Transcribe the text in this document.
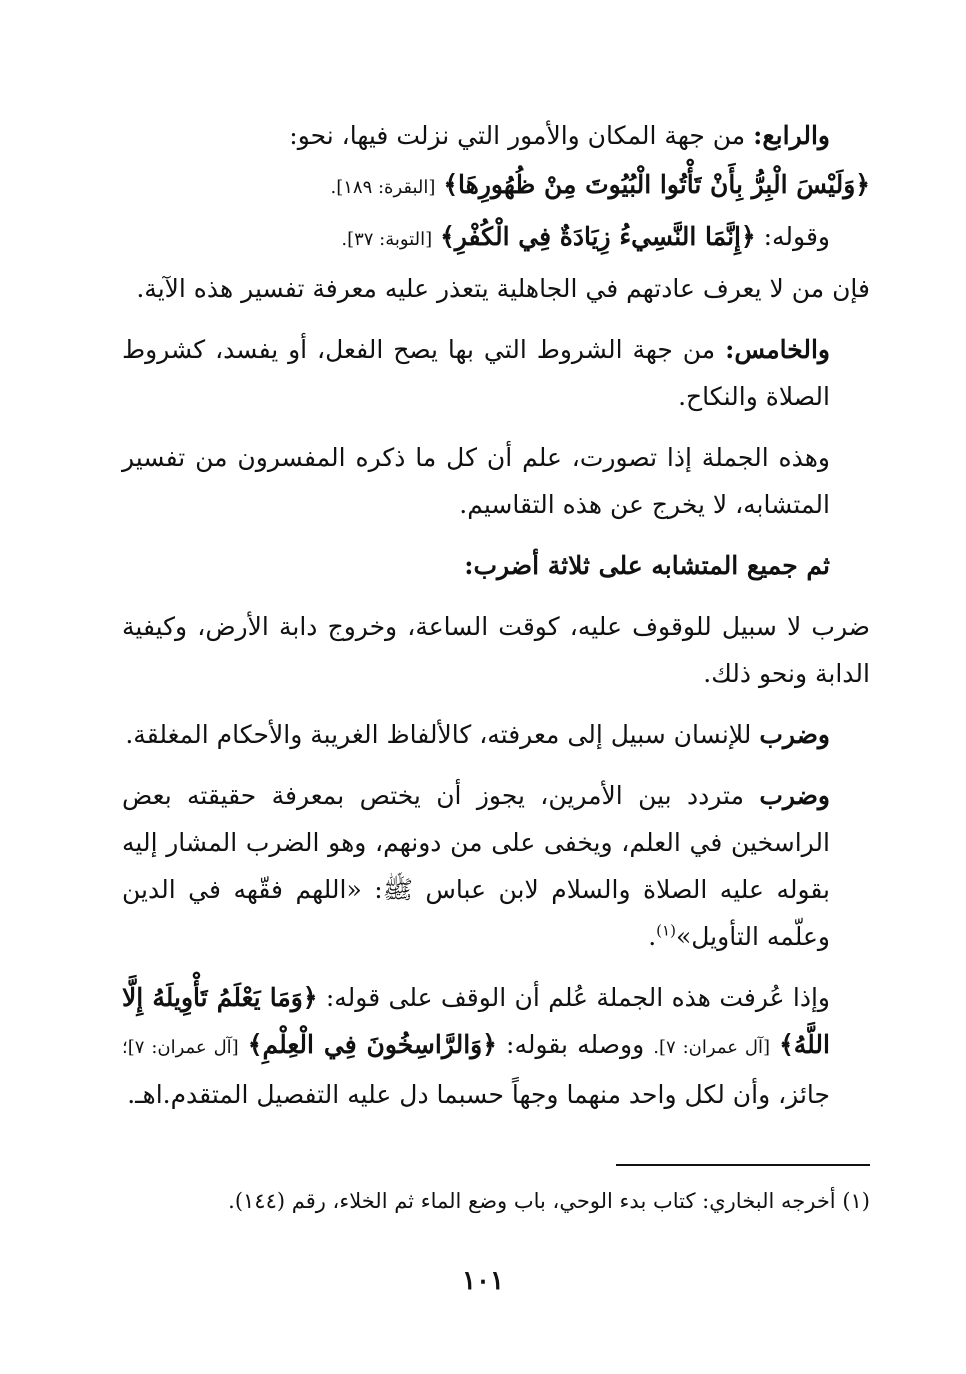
والرابع: من جهة المكان والأمور التي نزلت فيها، نحو:

﴿وَلَيْسَ الْبِرُّ بِأَنْ تَأْتُوا الْبُيُوتَ مِنْ ظُهُورِهَا﴾ [البقرة: ١٨٩].

وقوله: ﴿إِنَّمَا النَّسِيءُ زِيَادَةٌ فِي الْكُفْرِ﴾ [التوبة: ٣٧].

فإن من لا يعرف عادتهم في الجاهلية يتعذر عليه معرفة تفسير هذه الآية.

والخامس: من جهة الشروط التي بها يصح الفعل، أو يفسد، كشروط الصلاة والنكاح.

وهذه الجملة إذا تصورت، علم أن كل ما ذكره المفسرون من تفسير المتشابه، لا يخرج عن هذه التقاسيم.

ثم جميع المتشابه على ثلاثة أضرب:

ضرب لا سبيل للوقوف عليه، كوقت الساعة، وخروج دابة الأرض، وكيفية الدابة ونحو ذلك.

وضرب للإنسان سبيل إلى معرفته، كالألفاظ الغريبة والأحكام المغلقة.

وضرب متردد بين الأمرين، يجوز أن يختص بمعرفة حقيقته بعض الراسخين في العلم، ويخفى على من دونهم، وهو الضرب المشار إليه بقوله عليه الصلاة والسلام لابن عباس ﷺ: «اللهم فقّهه في الدين وعلّمه التأويل»$^{(١)}$.

وإذا عُرفت هذه الجملة عُلم أن الوقف على قوله: ﴿وَمَا يَعْلَمُ تَأْوِيلَهُ إِلَّا اللَّهُ﴾ [آل عمران: ٧]. ووصله بقوله: ﴿وَالرَّاسِخُونَ فِي الْعِلْمِ﴾ [آل عمران: ٧]؛ جائز، وأن لكل واحد منهما وجهاً حسبما دل عليه التفصيل المتقدم.اهـ.

(١) أخرجه البخاري: كتاب بدء الوحي، باب وضع الماء ثم الخلاء، رقم (١٤٤).
١٠١
